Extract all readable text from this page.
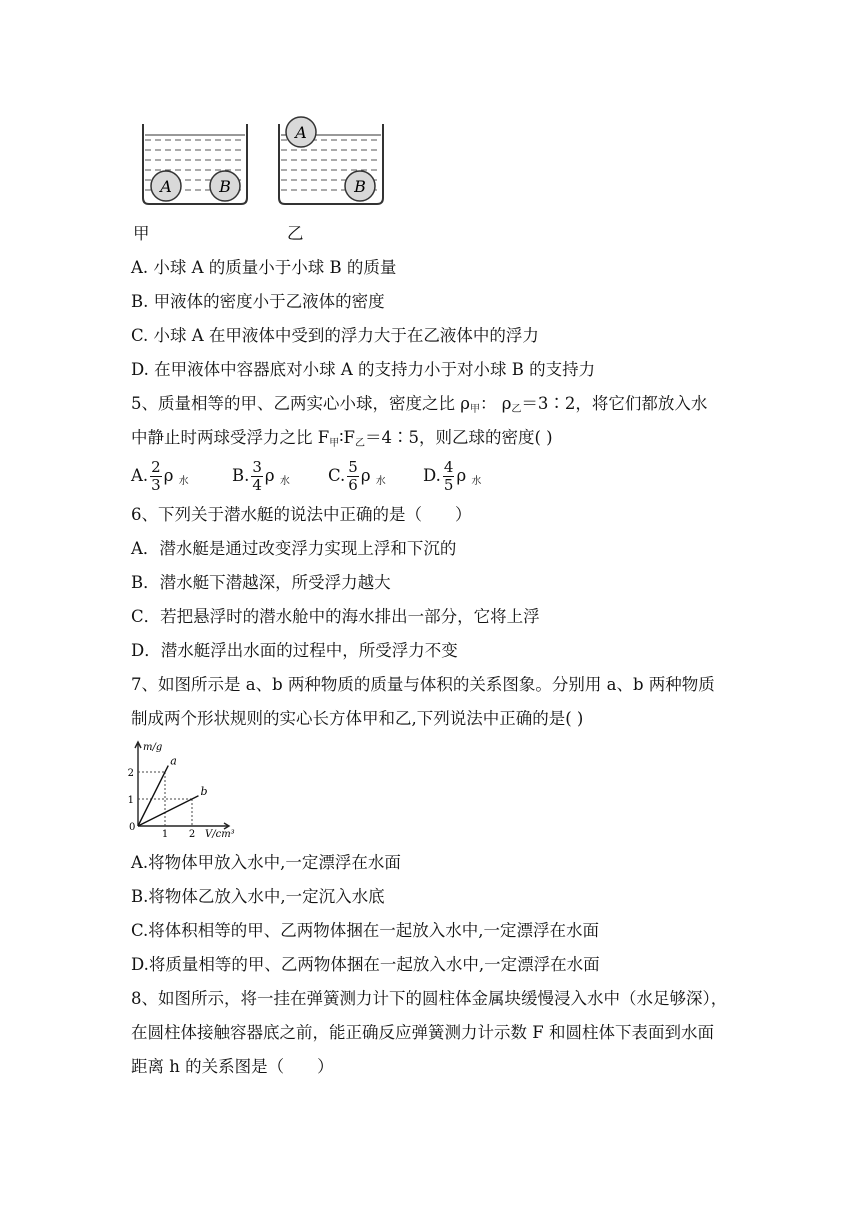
A	B
A
B
甲	乙
A. 小球 A 的质量小于小球 B 的质量
B. 甲液体的密度小于乙液体的密度
C. 小球 A 在甲液体中受到的浮力大于在乙液体中的浮力
D. 在甲液体中容器底对小球 A 的支持力小于对小球 B 的支持力
5、质量相等的甲、乙两实心小球，密度之比 $\rho_甲$： $\rho_乙=3∶2$，将它们都放入水
中静止时两球受浮力之比 $F_甲∶F_乙=4∶5$，则乙球的密度( )
A. $\frac{2}{3}$ ρ $_水$	B. $\frac{3}{4}$ ρ $_水$ C. $\frac{5}{6}$ ρ $_水$ D. $\frac{4}{5}$ ρ $_水$
6、下列关于潜水艇的说法中正确的是（　　）
A．潜水艇是通过改变浮力实现上浮和下沉的
B．潜水艇下潜越深，所受浮力越大
C．若把悬浮时的潜水舱中的海水排出一部分，它将上浮
D．潜水艇浮出水面的过程中，所受浮力不变
7、如图所示是 a、b 两种物质的质量与体积的关系图象。分别用 a、b 两种物质
制成两个形状规则的实心长方体甲和乙,下列说法中正确的是( )
a
b
1 2
1
2
m/g
V/cm³
0
A.将物体甲放入水中,一定漂浮在水面
B.将物体乙放入水中,一定沉入水底
C.将体积相等的甲、乙两物体捆在一起放入水中,一定漂浮在水面
D.将质量相等的甲、乙两物体捆在一起放入水中,一定漂浮在水面
8、如图所示，将一挂在弹簧测力计下的圆柱体金属块缓慢浸入水中（水足够深），
在圆柱体接触容器底之前，能正确反应弹簧测力计示数 F 和圆柱体下表面到水面
距离 h 的关系图是（　　）
